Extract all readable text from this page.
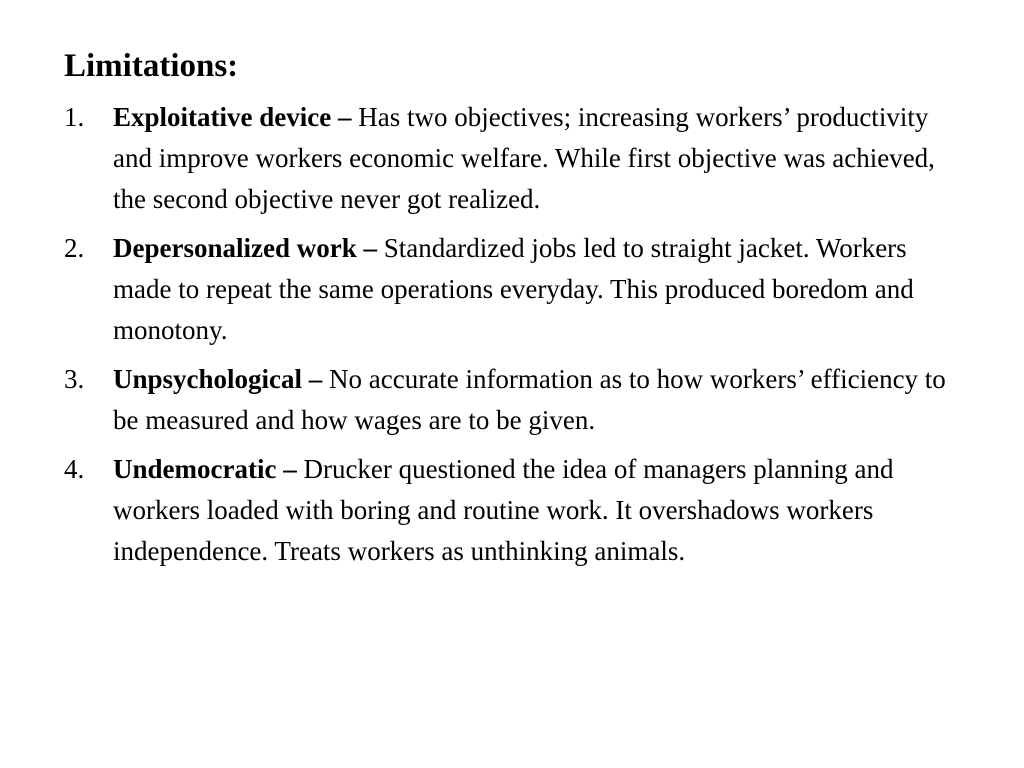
Limitations:
1. Exploitative device – Has two objectives; increasing workers’ productivity and improve workers economic welfare. While first objective was achieved, the second objective never got realized.
2. Depersonalized work – Standardized jobs led to straight jacket. Workers made to repeat the same operations everyday. This produced boredom and monotony.
3. Unpsychological – No accurate information as to how workers’ efficiency to be measured and how wages are to be given.
4. Undemocratic – Drucker questioned the idea of managers planning and workers loaded with boring and routine work. It overshadows workers independence. Treats workers as unthinking animals.
